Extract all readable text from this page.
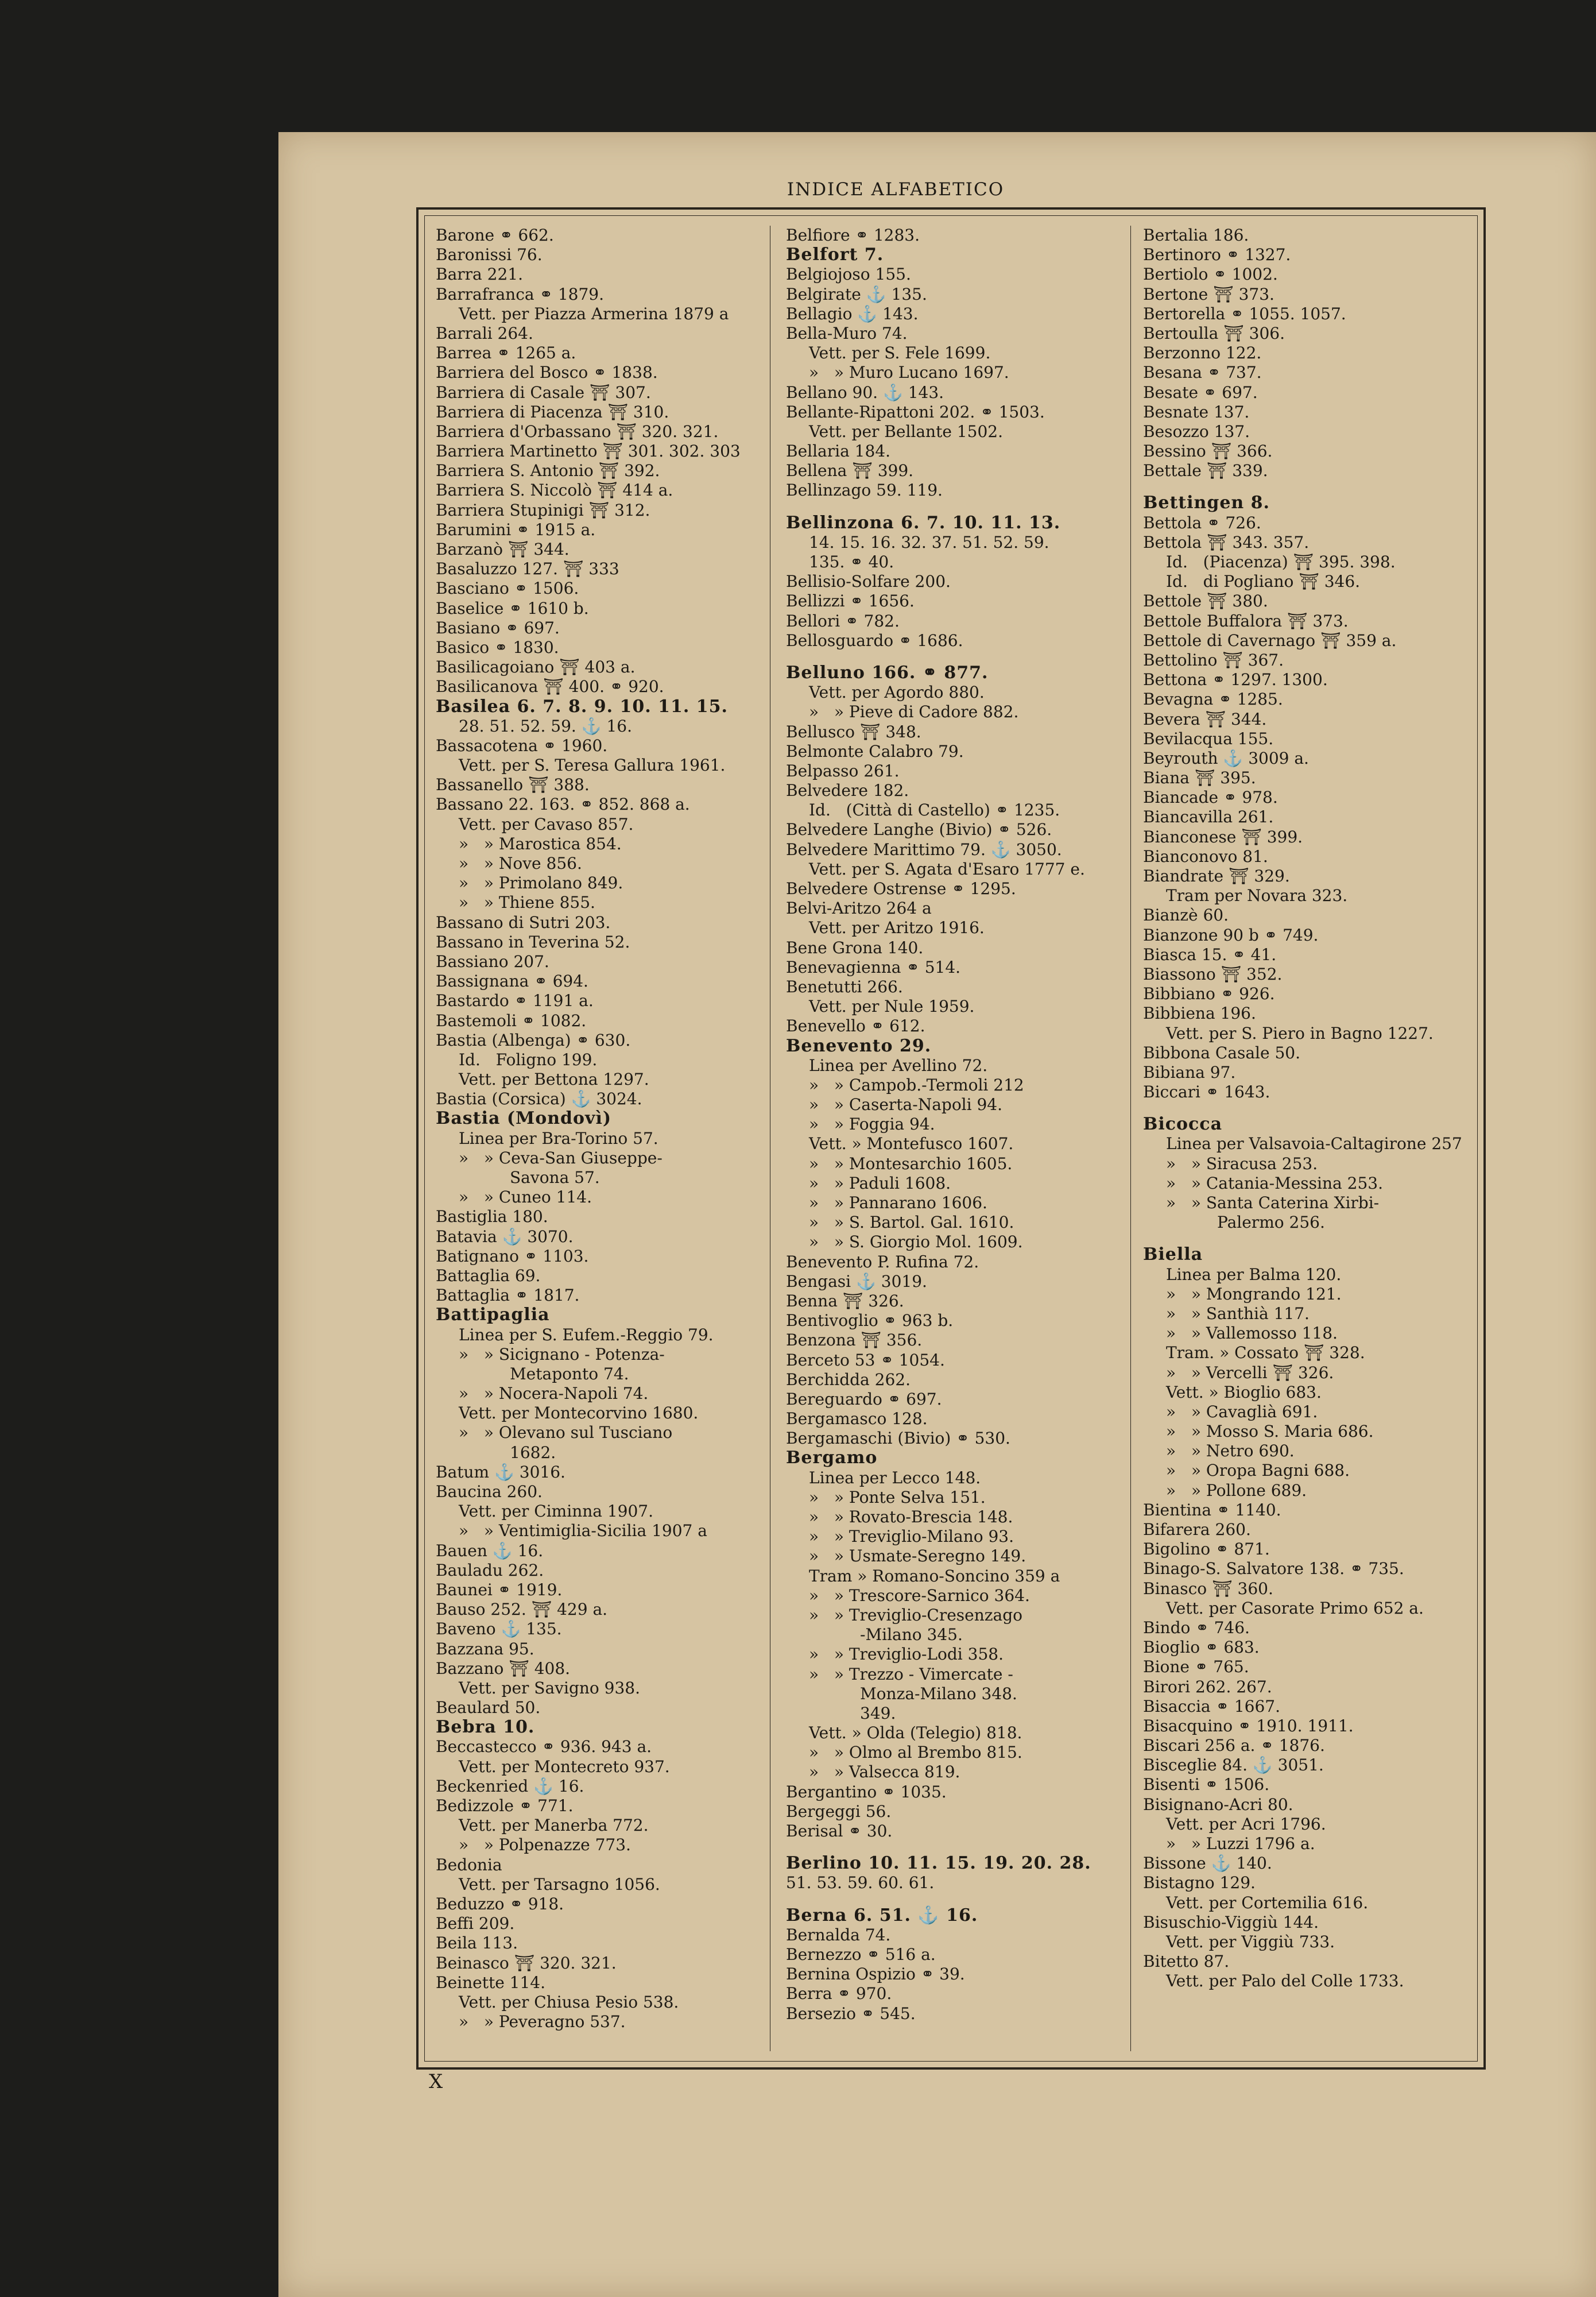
INDICE ALFABETICO
Barone ⚭ 662.
Baronissi 76.
Barra 221.
Barrafranca ⚭ 1879.
Vett. per Piazza Armerina 1879 a
Barrali 264.
Barrea ⚭ 1265 a.
Barriera del Bosco ⚭ 1838.
Barriera di Casale ⛩ 307.
Barriera di Piacenza ⛩ 310.
Barriera d'Orbassano ⛩ 320. 321.
Barriera Martinetto ⛩ 301. 302. 303
Barriera S. Antonio ⛩ 392.
Barriera S. Niccolò ⛩ 414 a.
Barriera Stupinigi ⛩ 312.
Barumini ⚭ 1915 a.
Barzanò ⛩ 344.
Basaluzzo 127. ⛩ 333
Basciano ⚭ 1506.
Baselice ⚭ 1610 b.
Basiano ⚭ 697.
Basico ⚭ 1830.
Basilicagoiano ⛩ 403 a.
Basilicanova ⛩ 400. ⚭ 920.
Basilea 6. 7. 8. 9. 10. 11. 15.
28. 51. 52. 59. ⚓ 16.
Bassacotena ⚭ 1960.
Vett. per S. Teresa Gallura 1961.
Bassanello ⛩ 388.
Bassano 22. 163. ⚭ 852. 868 a.
Vett. per Cavaso 857.
»   » Marostica 854.
»   » Nove 856.
»   » Primolano 849.
»   » Thiene 855.
Bassano di Sutri 203.
Bassano in Teverina 52.
Bassiano 207.
Bassignana ⚭ 694.
Bastardo ⚭ 1191 a.
Bastemoli ⚭ 1082.
Bastia (Albenga) ⚭ 630.
Id.   Foligno 199.
Vett. per Bettona 1297.
Bastia (Corsica) ⚓ 3024.
Bastia (Mondovì)
Linea per Bra-Torino 57.
»   » Ceva-San Giuseppe-
Savona 57.
»   » Cuneo 114.
Bastiglia 180.
Batavia ⚓ 3070.
Batignano ⚭ 1103.
Battaglia 69.
Battaglia ⚭ 1817.
Battipaglia
Linea per S. Eufem.-Reggio 79.
»   » Sicignano - Potenza-
Metaponto 74.
»   » Nocera-Napoli 74.
Vett. per Montecorvino 1680.
»   » Olevano sul Tusciano
1682.
Batum ⚓ 3016.
Baucina 260.
Vett. per Ciminna 1907.
»   » Ventimiglia-Sicilia 1907 a
Bauen ⚓ 16.
Bauladu 262.
Baunei ⚭ 1919.
Bauso 252. ⛩ 429 a.
Baveno ⚓ 135.
Bazzana 95.
Bazzano ⛩ 408.
Vett. per Savigno 938.
Beaulard 50.
Bebra 10.
Beccastecco ⚭ 936. 943 a.
Vett. per Montecreto 937.
Beckenried ⚓ 16.
Bedizzole ⚭ 771.
Vett. per Manerba 772.
»   » Polpenazze 773.
Bedonia
Vett. per Tarsagno 1056.
Beduzzo ⚭ 918.
Beffi 209.
Beila 113.
Beinasco ⛩ 320. 321.
Beinette 114.
Vett. per Chiusa Pesio 538.
»   » Peveragno 537.
Belfiore ⚭ 1283.
Belfort 7.
Belgiojoso 155.
Belgirate ⚓ 135.
Bellagio ⚓ 143.
Bella-Muro 74.
Vett. per S. Fele 1699.
»   » Muro Lucano 1697.
Bellano 90. ⚓ 143.
Bellante-Ripattoni 202. ⚭ 1503.
Vett. per Bellante 1502.
Bellaria 184.
Bellena ⛩ 399.
Bellinzago 59. 119.
Bellinzona 6. 7. 10. 11. 13.
14. 15. 16. 32. 37. 51. 52. 59.
135. ⚭ 40.
Bellisio-Solfare 200.
Bellizzi ⚭ 1656.
Bellori ⚭ 782.
Bellosguardo ⚭ 1686.
Belluno 166. ⚭ 877.
Vett. per Agordo 880.
»   » Pieve di Cadore 882.
Bellusco ⛩ 348.
Belmonte Calabro 79.
Belpasso 261.
Belvedere 182.
Id.   (Città di Castello) ⚭ 1235.
Belvedere Langhe (Bivio) ⚭ 526.
Belvedere Marittimo 79. ⚓ 3050.
Vett. per S. Agata d'Esaro 1777 e.
Belvedere Ostrense ⚭ 1295.
Belvi-Aritzo 264 a
Vett. per Aritzo 1916.
Bene Grona 140.
Benevagienna ⚭ 514.
Benetutti 266.
Vett. per Nule 1959.
Benevello ⚭ 612.
Benevento 29.
Linea per Avellino 72.
»   » Campob.-Termoli 212
»   » Caserta-Napoli 94.
»   » Foggia 94.
Vett. » Montefusco 1607.
»   » Montesarchio 1605.
»   » Paduli 1608.
»   » Pannarano 1606.
»   » S. Bartol. Gal. 1610.
»   » S. Giorgio Mol. 1609.
Benevento P. Rufina 72.
Bengasi ⚓ 3019.
Benna ⛩ 326.
Bentivoglio ⚭ 963 b.
Benzona ⛩ 356.
Berceto 53 ⚭ 1054.
Berchidda 262.
Bereguardo ⚭ 697.
Bergamasco 128.
Bergamaschi (Bivio) ⚭ 530.
Bergamo
Linea per Lecco 148.
»   » Ponte Selva 151.
»   » Rovato-Brescia 148.
»   » Treviglio-Milano 93.
»   » Usmate-Seregno 149.
Tram » Romano-Soncino 359 a
»   » Trescore-Sarnico 364.
»   » Treviglio-Cresenzago
-Milano 345.
»   » Treviglio-Lodi 358.
»   » Trezzo - Vimercate -
Monza-Milano 348.
349.
Vett. » Olda (Telegio) 818.
»   » Olmo al Brembo 815.
»   » Valsecca 819.
Bergantino ⚭ 1035.
Bergeggi 56.
Berisal ⚭ 30.
Berlino 10. 11. 15. 19. 20. 28.
51. 53. 59. 60. 61.
Berna 6. 51. ⚓ 16.
Bernalda 74.
Bernezzo ⚭ 516 a.
Bernina Ospizio ⚭ 39.
Berra ⚭ 970.
Bersezio ⚭ 545.
Bertalia 186.
Bertinoro ⚭ 1327.
Bertiolo ⚭ 1002.
Bertone ⛩ 373.
Bertorella ⚭ 1055. 1057.
Bertoulla ⛩ 306.
Berzonno 122.
Besana ⚭ 737.
Besate ⚭ 697.
Besnate 137.
Besozzo 137.
Bessino ⛩ 366.
Bettale ⛩ 339.
Bettingen 8.
Bettola ⚭ 726.
Bettola ⛩ 343. 357.
Id.   (Piacenza) ⛩ 395. 398.
Id.   di Pogliano ⛩ 346.
Bettole ⛩ 380.
Bettole Buffalora ⛩ 373.
Bettole di Cavernago ⛩ 359 a.
Bettolino ⛩ 367.
Bettona ⚭ 1297. 1300.
Bevagna ⚭ 1285.
Bevera ⛩ 344.
Bevilacqua 155.
Beyrouth ⚓ 3009 a.
Biana ⛩ 395.
Biancade ⚭ 978.
Biancavilla 261.
Bianconese ⛩ 399.
Bianconovo 81.
Biandrate ⛩ 329.
Tram per Novara 323.
Bianzè 60.
Bianzone 90 b ⚭ 749.
Biasca 15. ⚭ 41.
Biassono ⛩ 352.
Bibbiano ⚭ 926.
Bibbiena 196.
Vett. per S. Piero in Bagno 1227.
Bibbona Casale 50.
Bibiana 97.
Biccari ⚭ 1643.
Bicocca
Linea per Valsavoia-Caltagirone 257
»   » Siracusa 253.
»   » Catania-Messina 253.
»   » Santa Caterina Xirbi-
Palermo 256.
Biella
Linea per Balma 120.
»   » Mongrando 121.
»   » Santhià 117.
»   » Vallemosso 118.
Tram. » Cossato ⛩ 328.
»   » Vercelli ⛩ 326.
Vett. » Bioglio 683.
»   » Cavaglià 691.
»   » Mosso S. Maria 686.
»   » Netro 690.
»   » Oropa Bagni 688.
»   » Pollone 689.
Bientina ⚭ 1140.
Bifarera 260.
Bigolino ⚭ 871.
Binago-S. Salvatore 138. ⚭ 735.
Binasco ⛩ 360.
Vett. per Casorate Primo 652 a.
Bindo ⚭ 746.
Bioglio ⚭ 683.
Bione ⚭ 765.
Birori 262. 267.
Bisaccia ⚭ 1667.
Bisacquino ⚭ 1910. 1911.
Biscari 256 a. ⚭ 1876.
Bisceglie 84. ⚓ 3051.
Bisenti ⚭ 1506.
Bisignano-Acri 80.
Vett. per Acri 1796.
»   » Luzzi 1796 a.
Bissone ⚓ 140.
Bistagno 129.
Vett. per Cortemilia 616.
Bisuschio-Viggiù 144.
Vett. per Viggiù 733.
Bitetto 87.
Vett. per Palo del Colle 1733.
X
